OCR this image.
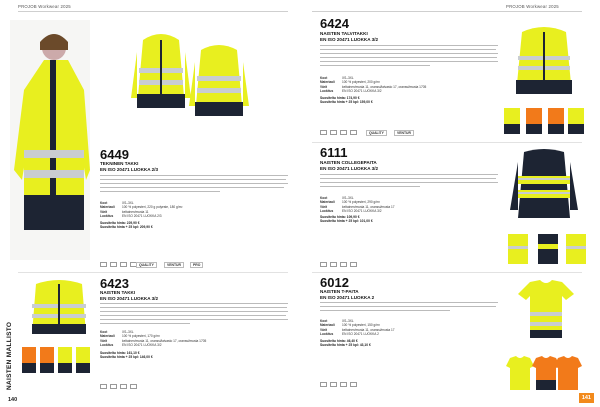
PROJOB Workwear 2025
6449
TEKNINEN TAKKI
EN ISO 20471 LUOKKA 2/3
Koot	XS–3XL
Materiaali 100 % polyesteri, 220 g polyeste, 180 g/m²
Värit	keltainen/musta 11
Luokitus	EN ISO 20471 LUOKKA 2/3
Suositeltu hinta: 229,90 €
Suositeltu hinta + 25 kpl: 209,90 €
QUALITY	VENTUR	PRO
6423
NAISTEN TAKKI
EN ISO 20471 LUOKKA 3/2
Koot	XS–3XL
Materiaali 100 % polyesteri, 170 g/m²
Värit	keltainen/musta 11, oranssi/laivasto 17, oranssi/musta 1705
Luokitus	EN ISO 20471 LUOKKA 3/2
Suositeltu hinta: 161,10 €
Suositeltu hinta + 25 kpl: 146,00 €
NAISTEN MALLISTO
140
PROJOB Workwear 2025
6424
NAISTEN TALVITAKKI
EN ISO 20471 LUOKKA 3/2
Koot	XS–3XL
Materiaali 100 % polyesteri, 200 g/m²
Värit	keltainen/musta 11, oranssi/laivasto 17, oranssi/musta 1705
Luokitus	EN ISO 20471 LUOKKA 3/2
Suositeltu hinta: 174,90 €
Suositeltu hinta + 25 kpl: 159,00 €
QUALITY	VENTUR
6111
NAISTEN COLLEGEPAITA
EN ISO 20471 LUOKKA 3/2
Koot	XS–3XL
Materiaali 100 % polyesteri, 290 g/m²
Värit	keltainen/musta 11, oranssi/musta 17
Luokitus	EN ISO 20471 LUOKKA 3/2
Suositeltu hinta: 109,90 €
Suositeltu hinta + 25 kpl: 101,00 €
6012
NAISTEN T-PAITA
EN ISO 20471 LUOKKA 2
Koot	XS–3XL
Materiaali 100 % polyesteri, 150 g/m²
Värit	keltainen/musta 11, oranssi/musta 17
Luokitus	EN ISO 20471 LUOKKA 2
Suositeltu hinta: 46,40 €
Suositeltu hinta + 25 kpl: 43,10 €
141
